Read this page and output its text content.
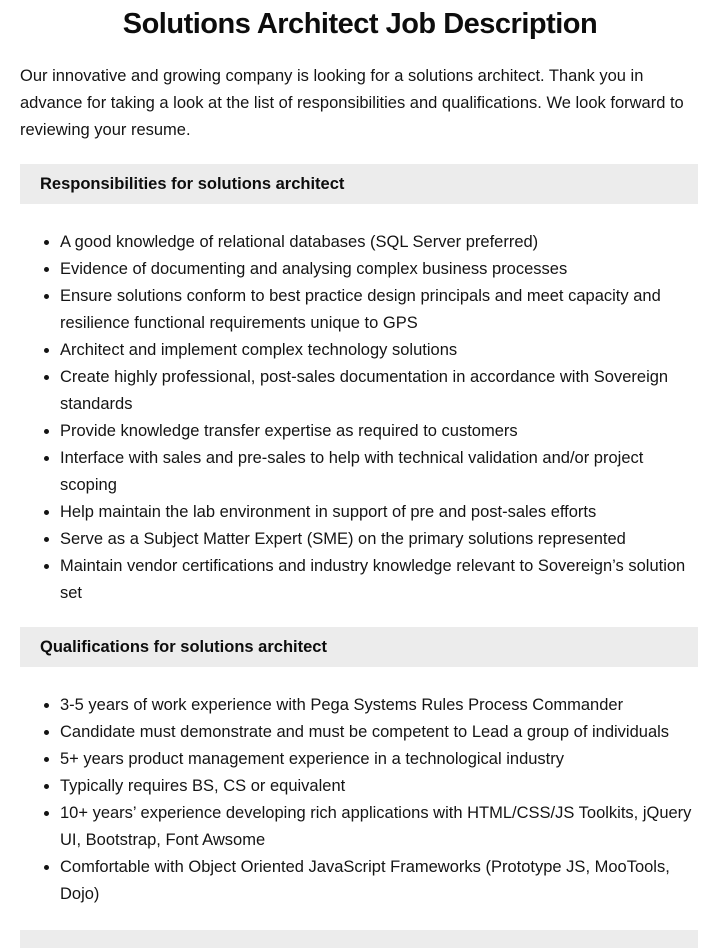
Solutions Architect Job Description

Our innovative and growing company is looking for a solutions architect. Thank you in advance for taking a look at the list of responsibilities and qualifications. We look forward to reviewing your resume.

Responsibilities for solutions architect
• A good knowledge of relational databases (SQL Server preferred)
• Evidence of documenting and analysing complex business processes
• Ensure solutions conform to best practice design principals and meet capacity and resilience functional requirements unique to GPS
• Architect and implement complex technology solutions
• Create highly professional, post-sales documentation in accordance with Sovereign standards
• Provide knowledge transfer expertise as required to customers
• Interface with sales and pre-sales to help with technical validation and/or project scoping
• Help maintain the lab environment in support of pre and post-sales efforts
• Serve as a Subject Matter Expert (SME) on the primary solutions represented
• Maintain vendor certifications and industry knowledge relevant to Sovereign’s solution set
Qualifications for solutions architect
• 3-5 years of work experience with Pega Systems Rules Process Commander
• Candidate must demonstrate and must be competent to Lead a group of individuals
• 5+ years product management experience in a technological industry
• Typically requires BS, CS or equivalent
• 10+ years’ experience developing rich applications with HTML/CSS/JS Toolkits, jQuery UI, Bootstrap, Font Awsome
• Comfortable with Object Oriented JavaScript Frameworks (Prototype JS, MooTools, Dojo)
